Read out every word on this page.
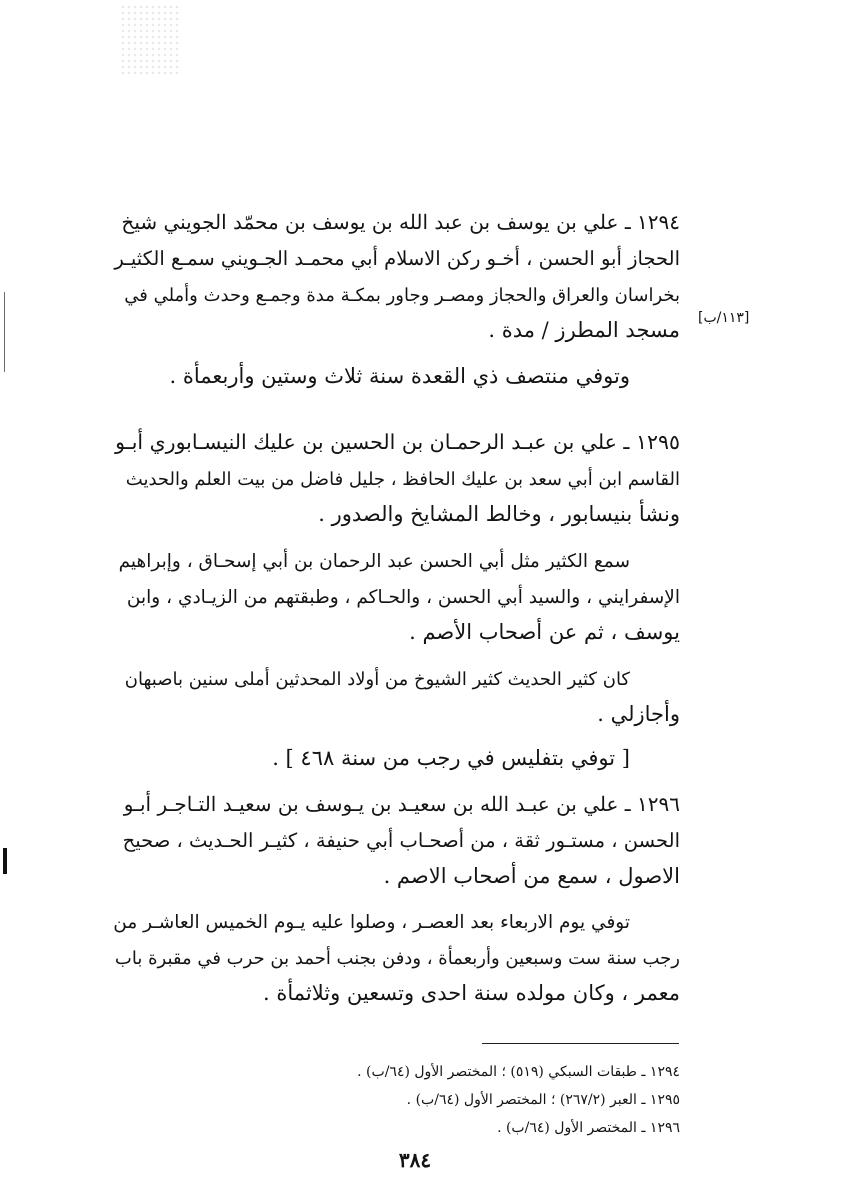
١٢٩٤ ـ علي بن يوسف بن عبد الله بن يوسف بن محمّد الجويني شيخ
الحجاز أبو الحسن ، أخـو ركن الاسلام أبي محمـد الجـويني سمـع الكثيـر
بخراسان والعراق والحجاز ومصـر وجاور بمكـة مدة وجمـع وحدث وأملي في
مسجد المطرز / مدة . [١١٣/ب]
وتوفي منتصف ذي القعدة سنة ثلاث وستين وأربعمأة .
١٢٩٥ ـ علي بن عبـد الرحمـان بن الحسين بن عليك النيسـابوري أبـو
القاسم ابن أبي سعد بن عليك الحافظ ، جليل فاضل من بيت العلم والحديث
ونشأ بنيسابور ، وخالط المشايخ والصدور .
سمع الكثير مثل أبي الحسن عبد الرحمان بن أبي إسحـاق ، وإبراهيم
الإسفرايني ، والسيد أبي الحسن ، والحـاكم ، وطبقتهم من الزيـادي ، وابن
يوسف ، ثم عن أصحاب الأصم .
كان كثير الحديث كثير الشيوخ من أولاد المحدثين أملى سنين باصبهان
وأجازلي .
[ توفي بتفليس في رجب من سنة ٤٦٨ ] .
١٢٩٦ ـ علي بن عبـد الله بن سعيـد بن يـوسف بن سعيـد التـاجـر أبـو
الحسن ، مستـور ثقة ، من أصحـاب أبي حنيفة ، كثيـر الحـديث ، صحيح
الاصول ، سمع من أصحاب الاصم .
توفي يوم الاربعاء بعد العصـر ، وصلوا عليه يـوم الخميس العاشـر من
رجب سنة ست وسبعين وأربعمأة ، ودفن بجنب أحمد بن حرب في مقبرة باب
معمر ، وكان مولده سنة احدى وتسعين وثلاثمأة .
١٢٩٤ ـ طبقات السبكي (٥١٩) ؛ المختصر الأول (٦٤/ب) .
١٢٩٥ ـ العبر (٢٦٧/٢) ؛ المختصر الأول (٦٤/ب) .
١٢٩٦ ـ المختصر الأول (٦٤/ب) .
٣٨٤
